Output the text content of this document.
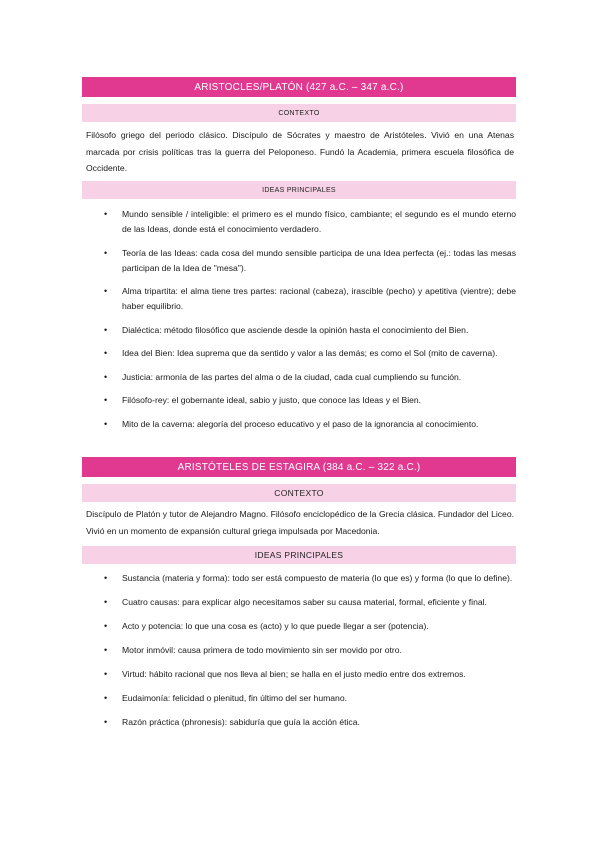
ARISTOCLES/PLATÓN (427 a.C. – 347 a.C.)
CONTEXTO

Filósofo griego del periodo clásico. Discípulo de Sócrates y maestro de Aristóteles. Vivió en una Atenas marcada por crisis políticas tras la guerra del Peloponeso. Fundó la Academia, primera escuela filosófica de Occidente.

IDEAS PRINCIPALES
• Mundo sensible / inteligible: el primero es el mundo físico, cambiante; el segundo es el mundo eterno de las Ideas, donde está el conocimiento verdadero.
• Teoría de las Ideas: cada cosa del mundo sensible participa de una Idea perfecta (ej.: todas las mesas participan de la Idea de "mesa").
• Alma tripartita: el alma tiene tres partes: racional (cabeza), irascible (pecho) y apetitiva (vientre); debe haber equilibrio.
• Dialéctica: método filosófico que asciende desde la opinión hasta el conocimiento del Bien.
• Idea del Bien: Idea suprema que da sentido y valor a las demás; es como el Sol (mito de caverna).
• Justicia: armonía de las partes del alma o de la ciudad, cada cual cumpliendo su función.
• Filósofo-rey: el gobernante ideal, sabio y justo, que conoce las Ideas y el Bien.
• Mito de la caverna: alegoría del proceso educativo y el paso de la ignorancia al conocimiento.
ARISTÓTELES DE ESTAGIRA (384 a.C. – 322 a.C.)
CONTEXTO

Discípulo de Platón y tutor de Alejandro Magno. Filósofo enciclopédico de la Grecia clásica. Fundador del Liceo. Vivió en un momento de expansión cultural griega impulsada por Macedonia.

IDEAS PRINCIPALES
• Sustancia (materia y forma): todo ser está compuesto de materia (lo que es) y forma (lo que lo define).
• Cuatro causas: para explicar algo necesitamos saber su causa material, formal, eficiente y final.
• Acto y potencia: lo que una cosa es (acto) y lo que puede llegar a ser (potencia).
• Motor inmóvil: causa primera de todo movimiento sin ser movido por otro.
• Virtud: hábito racional que nos lleva al bien; se halla en el justo medio entre dos extremos.
• Eudaimonía: felicidad o plenitud, fin último del ser humano.
• Razón práctica (phronesis): sabiduría que guía la acción ética.
